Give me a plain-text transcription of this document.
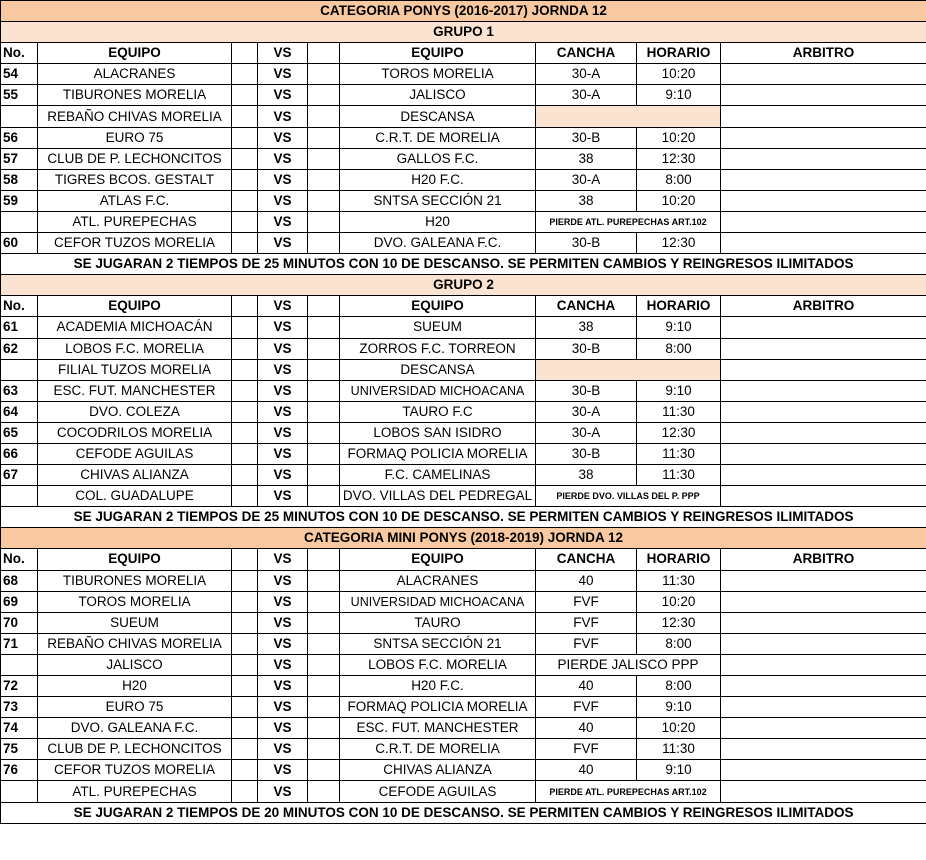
CATEGORIA PONYS (2016-2017) JORNDA 12								
GRUPO 1								
No.	EQUIPO		VS		EQUIPO	CANCHA	HORARIO	ARBITRO
54	ALACRANES		VS		TOROS MORELIA	30-A	10:20	
55	TIBURONES MORELIA		VS		JALISCO	30-A	9:10	
	REBAÑO CHIVAS MORELIA		VS		DESCANSA			
56	EURO 75		VS		C.R.T. DE MORELIA	30-B	10:20	
57	CLUB DE P. LECHONCITOS		VS		GALLOS F.C.	38	12:30	
58	TIGRES BCOS. GESTALT		VS		H20 F.C.	30-A	8:00	
59	ATLAS F.C.		VS		SNTSA SECCIÓN 21	38	10:20	
	ATL. PUREPECHAS		VS		H20	PIERDE ATL. PUREPECHAS ART.102		
60	CEFOR TUZOS MORELIA		VS		DVO. GALEANA F.C.	30-B	12:30	
SE JUGARAN 2 TIEMPOS DE 25 MINUTOS CON 10 DE DESCANSO. SE PERMITEN CAMBIOS Y REINGRESOS ILIMITADOS								
GRUPO 2								
No.	EQUIPO		VS		EQUIPO	CANCHA	HORARIO	ARBITRO
61	ACADEMIA MICHOACÁN		VS		SUEUM	38	9:10	
62	LOBOS F.C. MORELIA		VS		ZORROS F.C. TORREON	30-B	8:00	
	FILIAL TUZOS MORELIA		VS		DESCANSA			
63	ESC. FUT. MANCHESTER		VS		UNIVERSIDAD MICHOACANA	30-B	9:10	
64	DVO. COLEZA		VS		TAURO F.C	30-A	11:30	
65	COCODRILOS MORELIA		VS		LOBOS SAN ISIDRO	30-A	12:30	
66	CEFODE AGUILAS		VS		FORMAQ POLICIA MORELIA	30-B	11:30	
67	CHIVAS ALIANZA		VS		F.C. CAMELINAS	38	11:30	
	COL. GUADALUPE		VS		DVO. VILLAS DEL PEDREGAL	PIERDE DVO. VILLAS DEL P. PPP		
SE JUGARAN 2 TIEMPOS DE 25 MINUTOS CON 10 DE DESCANSO. SE PERMITEN CAMBIOS Y REINGRESOS ILIMITADOS								
CATEGORIA MINI PONYS (2018-2019) JORNDA 12								
No.	EQUIPO		VS		EQUIPO	CANCHA	HORARIO	ARBITRO
68	TIBURONES MORELIA		VS		ALACRANES	40	11:30	
69	TOROS MORELIA		VS		UNIVERSIDAD MICHOACANA	FVF	10:20	
70	SUEUM		VS		TAURO	FVF	12:30	
71	REBAÑO CHIVAS MORELIA		VS		SNTSA SECCIÓN 21	FVF	8:00	
	JALISCO		VS		LOBOS F.C. MORELIA	PIERDE JALISCO PPP		
72	H20		VS		H20 F.C.	40	8:00	
73	EURO 75		VS		FORMAQ POLICIA MORELIA	FVF	9:10	
74	DVO. GALEANA F.C.		VS		ESC. FUT. MANCHESTER	40	10:20	
75	CLUB DE P. LECHONCITOS		VS		C.R.T. DE MORELIA	FVF	11:30	
76	CEFOR TUZOS MORELIA		VS		CHIVAS ALIANZA	40	9:10	
	ATL. PUREPECHAS		VS		CEFODE AGUILAS	PIERDE ATL. PUREPECHAS ART.102		
SE JUGARAN 2 TIEMPOS DE 20 MINUTOS CON 10 DE DESCANSO. SE PERMITEN CAMBIOS Y REINGRESOS ILIMITADOS								
